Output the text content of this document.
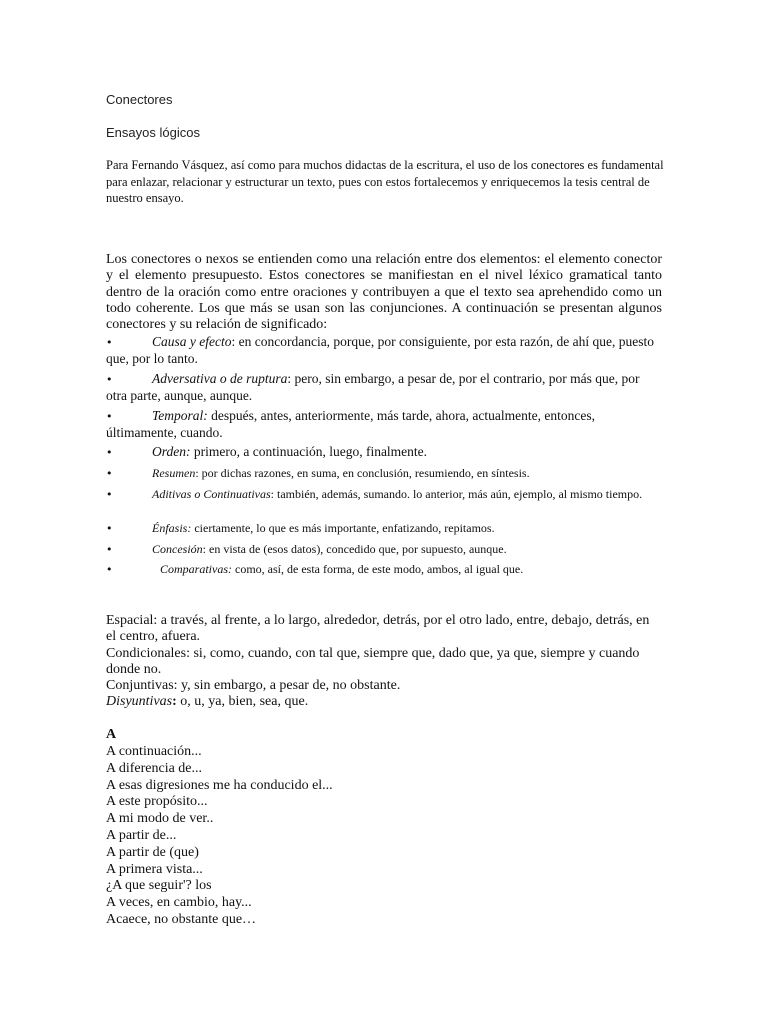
Conectores
Ensayos lógicos

Para Fernando Vásquez, así como para muchos didactas de la escritura, el uso de los conectores es fundamental para enlazar, relacionar y estructurar un texto, pues con estos fortalecemos y enriquecemos la tesis central de nuestro ensayo.

Los conectores o nexos se entienden como una relación entre dos elementos: el elemento conector y el elemento presupuesto. Estos conectores se manifiestan en el nivel léxico gramatical tanto dentro de la oración como entre oraciones y contribuyen a que el texto sea aprehendido como un todo coherente. Los que más se usan son las conjunciones. A continuación se presentan algunos conectores y su relación de significado:

•	Causa y efecto: en concordancia, porque, por consiguiente, por esta razón, de ahí que, puesto que, por lo tanto.
•	Adversativa o de ruptura: pero, sin embargo, a pesar de, por el contrario, por más que, por otra parte, aunque, aunque.
•	Temporal: después, antes, anteriormente, más tarde, ahora, actualmente, entonces, últimamente, cuando.
•	Orden: primero, a continuación, luego, finalmente.
•	Resumen: por dichas razones, en suma, en conclusión, resumiendo, en síntesis.
•	Aditivas o Continuativas: también, además, sumando. lo anterior, más aún, ejemplo, al mismo tiempo.
•	Énfasis: ciertamente, lo que es más importante, enfatizando, repitamos.
•	Concesión: en vista de (esos datos), concedido que, por supuesto, aunque.
•	Comparativas: como, así, de esta forma, de este modo, ambos, al igual que.
Espacial: a través, al frente, a lo largo, alrededor, detrás, por el otro lado, entre, debajo, detrás, en el centro, afuera.
Condicionales: si, como, cuando, con tal que, siempre que, dado que, ya que, siempre y cuando donde no.
Conjuntivas: y, sin embargo, a pesar de, no obstante.
Disyuntivas: o, u, ya, bien, sea, que.
A
A continuación...
A diferencia de...
A esas digresiones me ha conducido el...
A este propósito...
A mi modo de ver..
A partir de...
A partir de (que)
A primera vista...
¿A que seguir'? los
A veces, en cambio, hay...
Acaece, no obstante que…
